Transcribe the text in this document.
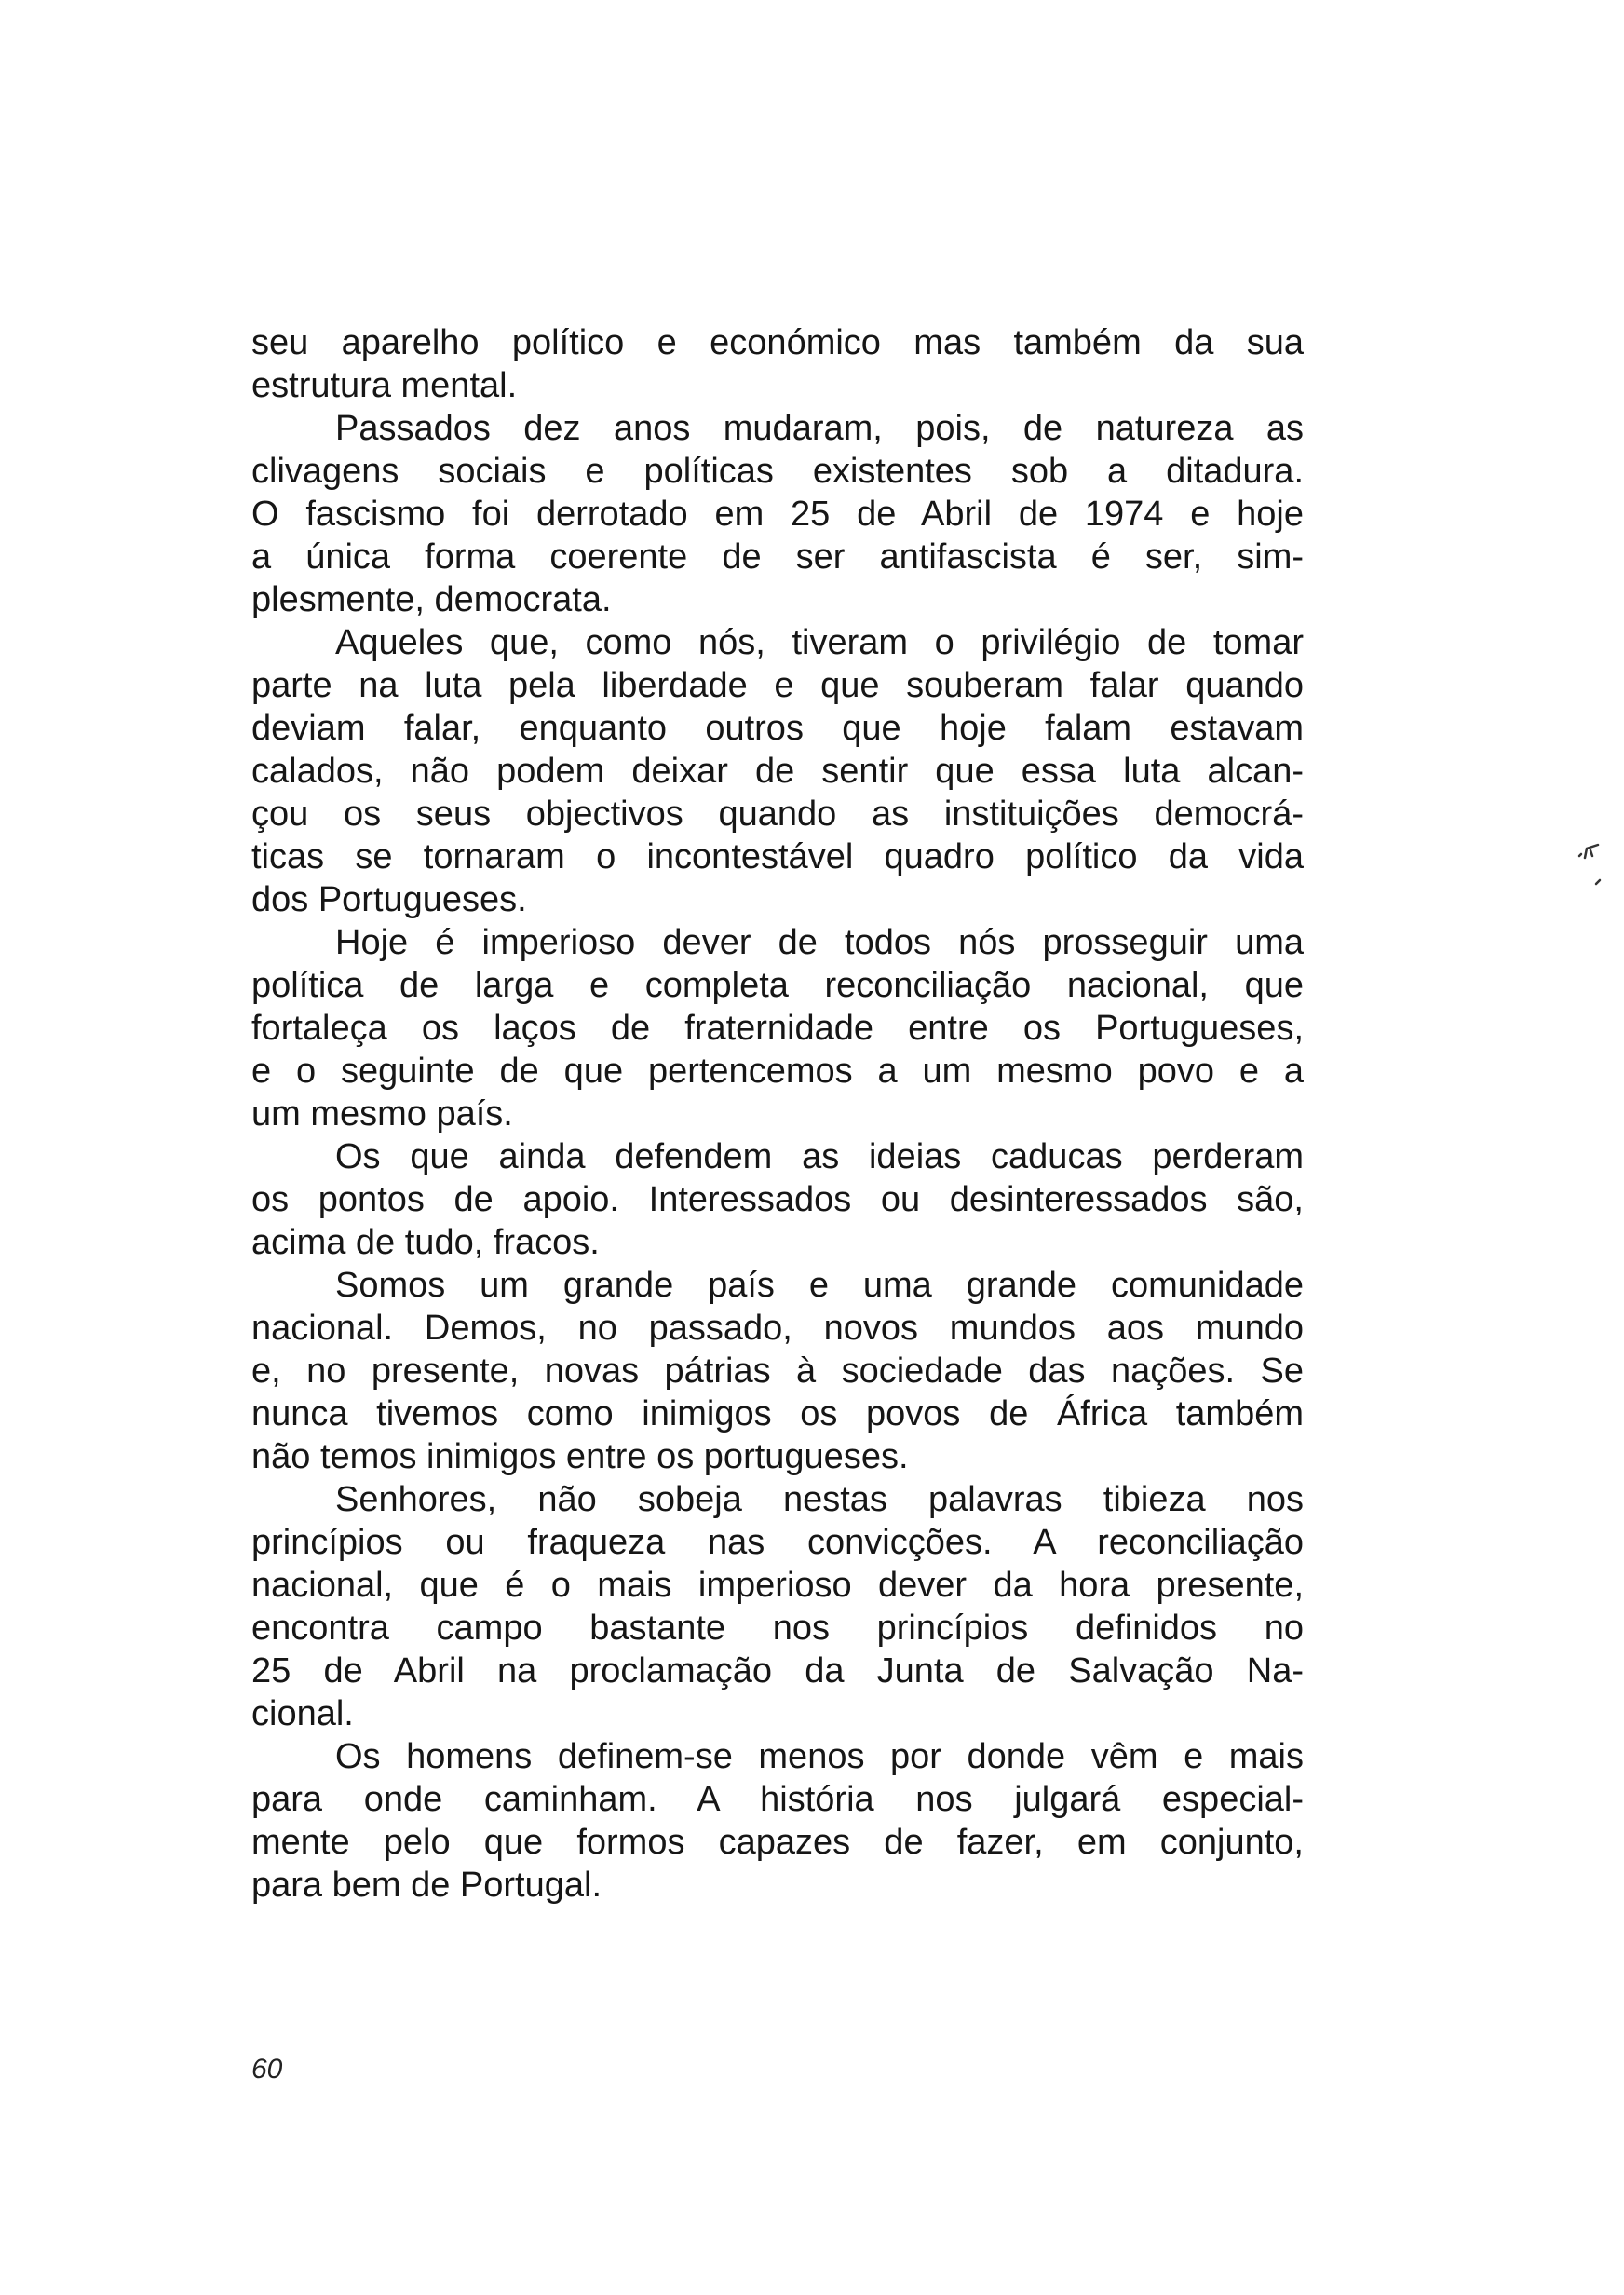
seu aparelho político e económico mas também da sua
estrutura mental.
Passados dez anos mudaram, pois, de natureza as
clivagens sociais e políticas existentes sob a ditadura.
O fascismo foi derrotado em 25 de Abril de 1974 e hoje
a única forma coerente de ser antifascista é ser, sim-
plesmente, democrata.
Aqueles que, como nós, tiveram o privilégio de tomar
parte na luta pela liberdade e que souberam falar quando
deviam falar, enquanto outros que hoje falam estavam
calados, não podem deixar de sentir que essa luta alcan-
çou os seus objectivos quando as instituições democrá-
ticas se tornaram o incontestável quadro político da vida
dos Portugueses.
Hoje é imperioso dever de todos nós prosseguir uma
política de larga e completa reconciliação nacional, que
fortaleça os laços de fraternidade entre os Portugueses,
e o seguinte de que pertencemos a um mesmo povo e a
um mesmo país.
Os que ainda defendem as ideias caducas perderam
os pontos de apoio. Interessados ou desinteressados são,
acima de tudo, fracos.
Somos um grande país e uma grande comunidade
nacional. Demos, no passado, novos mundos aos mundo
e, no presente, novas pátrias à sociedade das nações. Se
nunca tivemos como inimigos os povos de África também
não temos inimigos entre os portugueses.
Senhores, não sobeja nestas palavras tibieza nos
princípios ou fraqueza nas convicções. A reconciliação
nacional, que é o mais imperioso dever da hora presente,
encontra campo bastante nos princípios definidos no
25 de Abril na proclamação da Junta de Salvação Na-
cional.
Os homens definem-se menos por donde vêm e mais
para onde caminham. A história nos julgará especial-
mente pelo que formos capazes de fazer, em conjunto,
para bem de Portugal.
60
